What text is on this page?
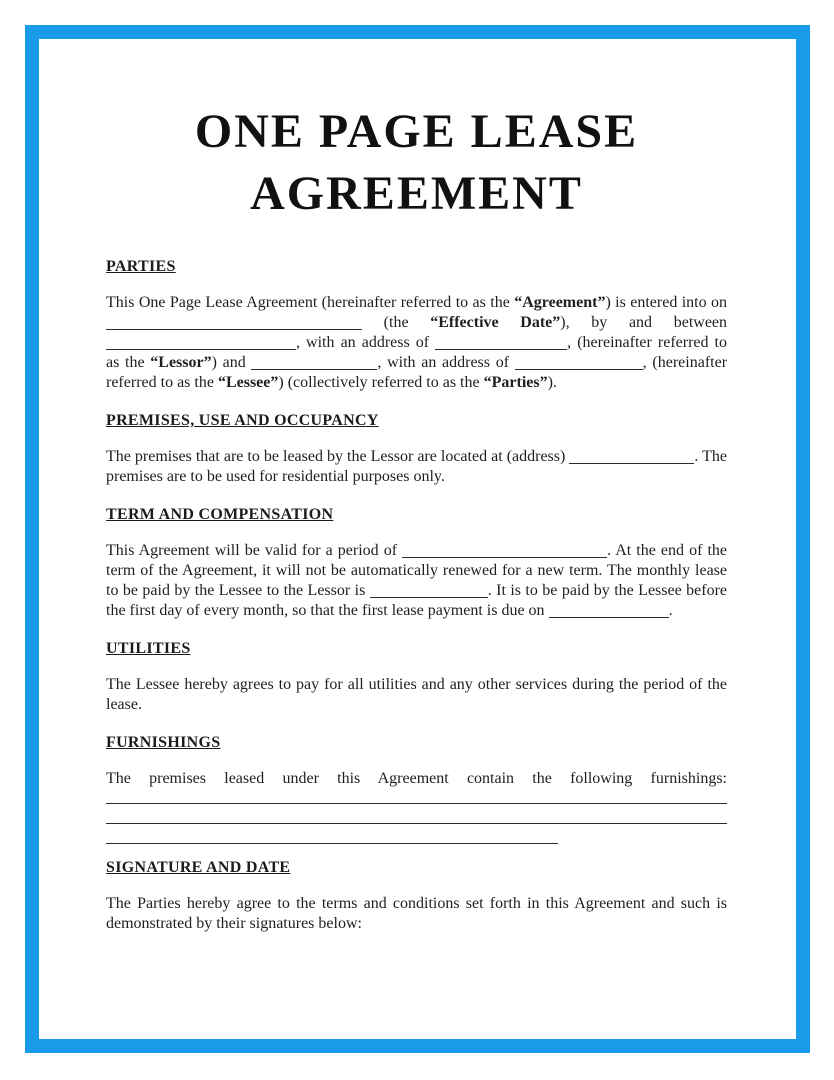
ONE PAGE LEASE AGREEMENT
PARTIES

This One Page Lease Agreement (hereinafter referred to as the “Agreement”) is entered into on  (the “Effective Date”), by and between , with an address of	, (hereinafter referred to as the “Lessor”) and	, with an address of	, (hereinafter referred to as the “Lessee”) (collectively referred to as the “Parties”).

PREMISES, USE AND OCCUPANCY

The premises that are to be leased by the Lessor are located at (address)	. The premises are to be used for residential purposes only.

TERM AND COMPENSATION

This Agreement will be valid for a period of	. At the end of the term of the Agreement, it will not be automatically renewed for a new term. The monthly lease to be paid by the Lessee to the Lessor is	. It is to be paid by the Lessee before the first day of every month, so that the first lease payment is due on	.

UTILITIES

The Lessee hereby agrees to pay for all utilities and any other services during the period of the lease.

FURNISHINGS

The premises leased under this Agreement contain the following furnishings:

SIGNATURE AND DATE

The Parties hereby agree to the terms and conditions set forth in this Agreement and such is demonstrated by their signatures below:
